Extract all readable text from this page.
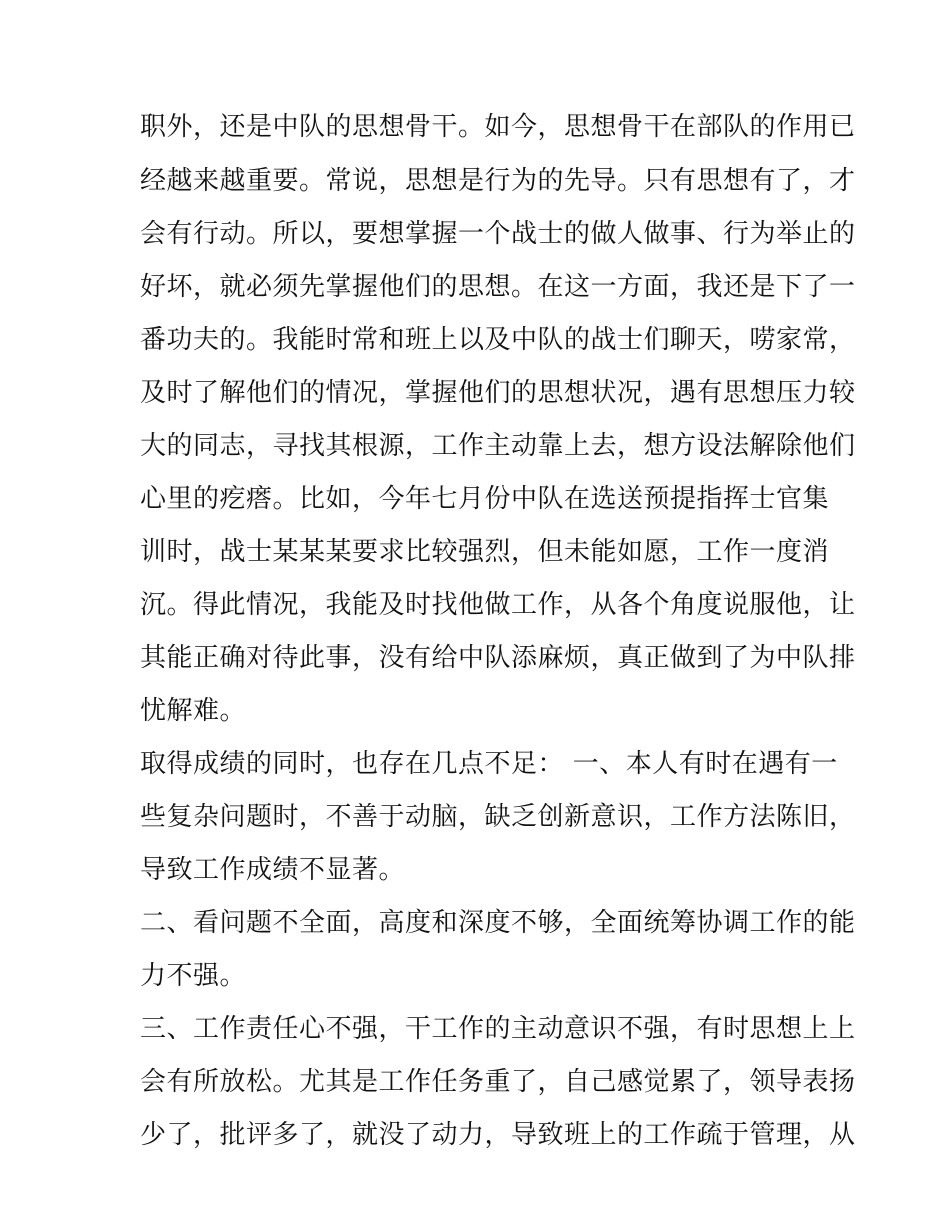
职外，还是中队的思想骨干。如今，思想骨干在部队的作用已
经越来越重要。常说，思想是行为的先导。只有思想有了，才
会有行动。所以，要想掌握一个战士的做人做事、行为举止的
好坏，就必须先掌握他们的思想。在这一方面，我还是下了一
番功夫的。我能时常和班上以及中队的战士们聊天，唠家常，
及时了解他们的情况，掌握他们的思想状况，遇有思想压力较
大的同志，寻找其根源，工作主动靠上去，想方设法解除他们
心里的疙瘩。比如，今年七月份中队在选送预提指挥士官集
训时，战士某某某要求比较强烈，但未能如愿，工作一度消
沉。得此情况，我能及时找他做工作，从各个角度说服他，让
其能正确对待此事，没有给中队添麻烦，真正做到了为中队排
忧解难。
取得成绩的同时，也存在几点不足： 一、本人有时在遇有一
些复杂问题时，不善于动脑，缺乏创新意识，工作方法陈旧，
导致工作成绩不显著。
二、看问题不全面，高度和深度不够，全面统筹协调工作的能
力不强。
三、工作责任心不强，干工作的主动意识不强，有时思想上上
会有所放松。尤其是工作任务重了，自己感觉累了，领导表扬
少了，批评多了，就没了动力，导致班上的工作疏于管理，从
